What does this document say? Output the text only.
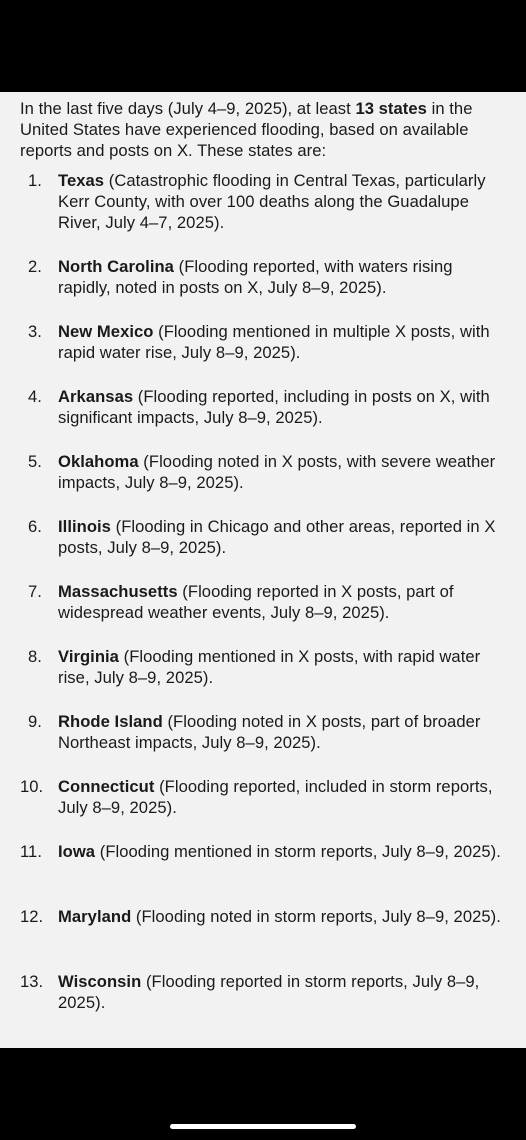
In the last five days (July 4–9, 2025), at least 13 states in the United States have experienced flooding, based on available reports and posts on X. These states are:

1. Texas (Catastrophic flooding in Central Texas, particularly Kerr County, with over 100 deaths along the Guadalupe River, July 4–7, 2025).
2. North Carolina (Flooding reported, with waters rising rapidly, noted in posts on X, July 8–9, 2025).
3. New Mexico (Flooding mentioned in multiple X posts, with rapid water rise, July 8–9, 2025).
4. Arkansas (Flooding reported, including in posts on X, with significant impacts, July 8–9, 2025).
5. Oklahoma (Flooding noted in X posts, with severe weather impacts, July 8–9, 2025).
6. Illinois (Flooding in Chicago and other areas, reported in X posts, July 8–9, 2025).
7. Massachusetts (Flooding reported in X posts, part of widespread weather events, July 8–9, 2025).
8. Virginia (Flooding mentioned in X posts, with rapid water rise, July 8–9, 2025).
9. Rhode Island (Flooding noted in X posts, part of broader Northeast impacts, July 8–9, 2025).
10. Connecticut (Flooding reported, included in storm reports, July 8–9, 2025).
11. Iowa (Flooding mentioned in storm reports, July 8–9, 2025).
12. Maryland (Flooding noted in storm reports, July 8–9, 2025).
13. Wisconsin (Flooding reported in storm reports, July 8–9, 2025).
